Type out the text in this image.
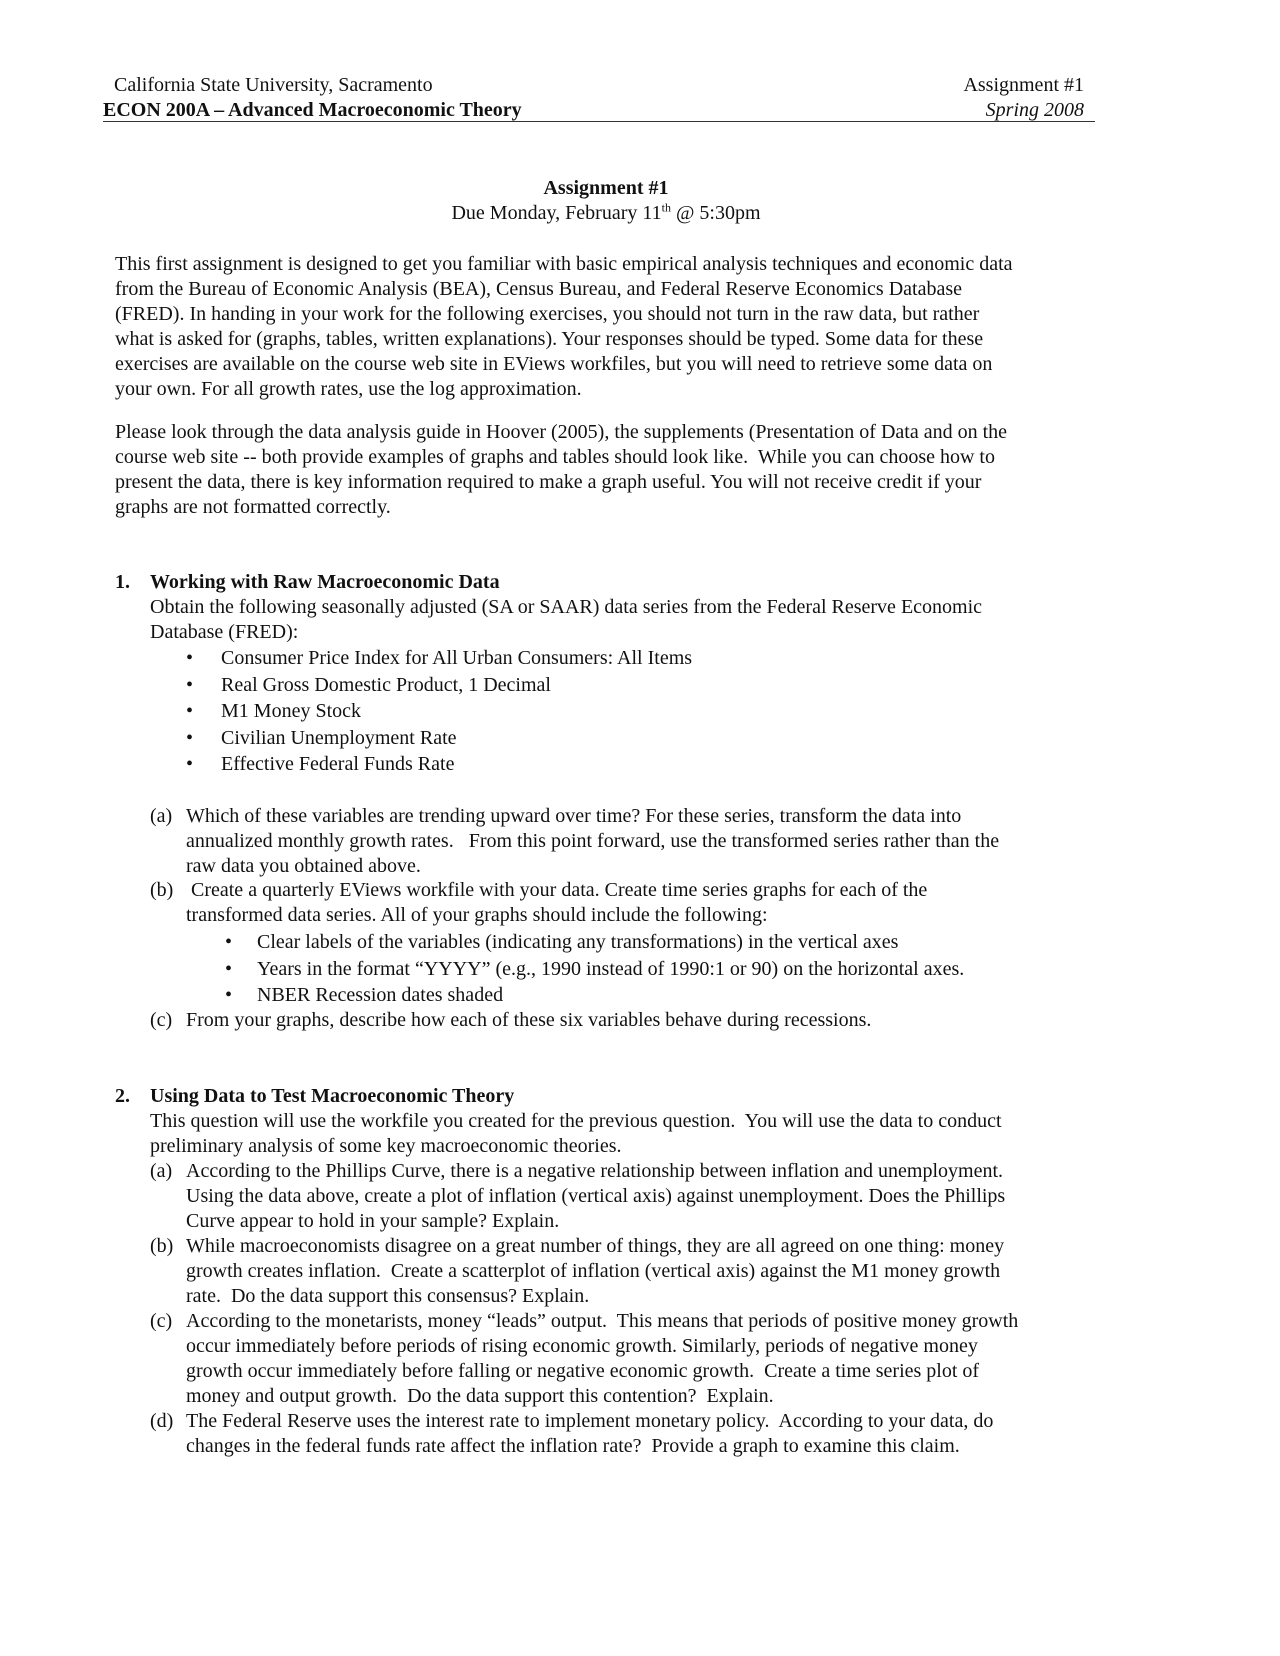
California State University, Sacramento
ECON 200A – Advanced Macroeconomic Theory
Assignment #1
Spring 2008
Assignment #1
Due Monday, February 11th @ 5:30pm
This first assignment is designed to get you familiar with basic empirical analysis techniques and economic data
from the Bureau of Economic Analysis (BEA), Census Bureau, and Federal Reserve Economics Database
(FRED). In handing in your work for the following exercises, you should not turn in the raw data, but rather
what is asked for (graphs, tables, written explanations). Your responses should be typed. Some data for these
exercises are available on the course web site in EViews workfiles, but you will need to retrieve some data on
your own. For all growth rates, use the log approximation.
Please look through the data analysis guide in Hoover (2005), the supplements (Presentation of Data and on the
course web site -- both provide examples of graphs and tables should look like.  While you can choose how to
present the data, there is key information required to make a graph useful. You will not receive credit if your
graphs are not formatted correctly.
1. Working with Raw Macroeconomic Data
Obtain the following seasonally adjusted (SA or SAAR) data series from the Federal Reserve Economic
Database (FRED):
• Consumer Price Index for All Urban Consumers: All Items
• Real Gross Domestic Product, 1 Decimal
• M1 Money Stock
• Civilian Unemployment Rate
• Effective Federal Funds Rate
(a) Which of these variables are trending upward over time? For these series, transform the data into
annualized monthly growth rates.   From this point forward, use the transformed series rather than the
raw data you obtained above.
(b) Create a quarterly EViews workfile with your data. Create time series graphs for each of the
transformed data series. All of your graphs should include the following:
• Clear labels of the variables (indicating any transformations) in the vertical axes
• Years in the format “YYYY” (e.g., 1990 instead of 1990:1 or 90) on the horizontal axes.
• NBER Recession dates shaded
(c) From your graphs, describe how each of these six variables behave during recessions.
2. Using Data to Test Macroeconomic Theory
This question will use the workfile you created for the previous question.  You will use the data to conduct
preliminary analysis of some key macroeconomic theories.
(a) According to the Phillips Curve, there is a negative relationship between inflation and unemployment.
Using the data above, create a plot of inflation (vertical axis) against unemployment. Does the Phillips
Curve appear to hold in your sample? Explain.
(b) While macroeconomists disagree on a great number of things, they are all agreed on one thing: money
growth creates inflation.  Create a scatterplot of inflation (vertical axis) against the M1 money growth
rate.  Do the data support this consensus? Explain.
(c) According to the monetarists, money “leads” output.  This means that periods of positive money growth
occur immediately before periods of rising economic growth. Similarly, periods of negative money
growth occur immediately before falling or negative economic growth.  Create a time series plot of
money and output growth.  Do the data support this contention?  Explain.
(d) The Federal Reserve uses the interest rate to implement monetary policy.  According to your data, do
changes in the federal funds rate affect the inflation rate?  Provide a graph to examine this claim.
